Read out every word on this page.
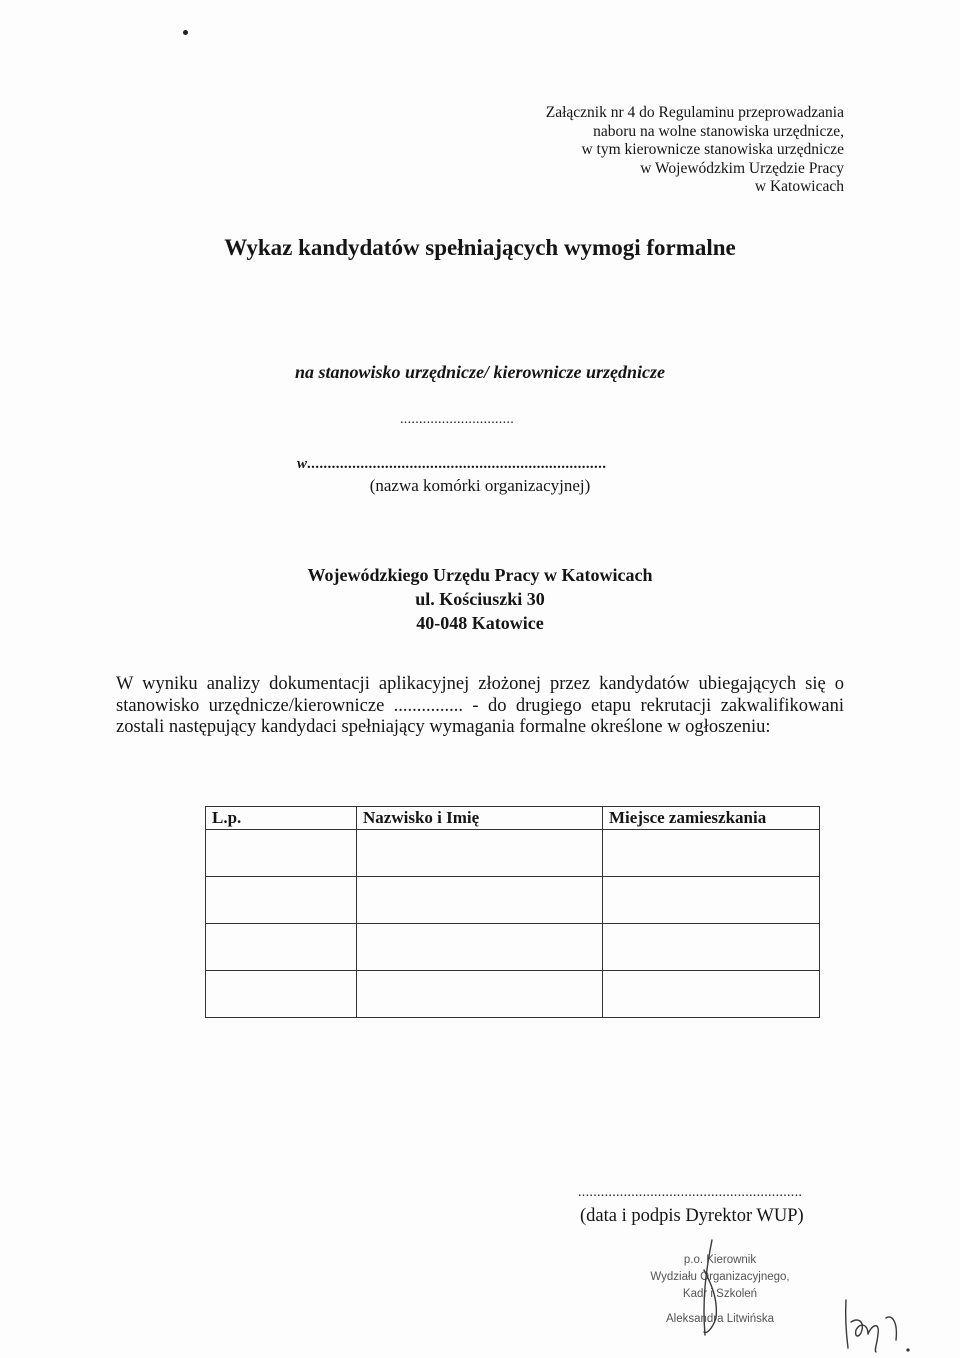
Załącznik nr 4 do Regulaminu przeprowadzania
naboru na wolne stanowiska urzędnicze,
w tym kierownicze stanowiska urzędnicze
w Wojewódzkim Urzędzie Pracy
w Katowicach
Wykaz kandydatów spełniających wymogi formalne
na stanowisko urzędnicze/ kierownicze urzędnicze
..............................
w.........................................................................
(nazwa komórki organizacyjnej)
Wojewódzkiego Urzędu Pracy w Katowicach
ul. Kościuszki 30
40-048 Katowice
W wyniku analizy dokumentacji aplikacyjnej złożonej przez kandydatów ubiegających się o stanowisko urzędnicze/kierownicze ............... - do drugiego etapu rekrutacji zakwalifikowani zostali następujący kandydaci spełniający wymagania formalne określone w ogłoszeniu:
L.p.	Nazwisko i Imię	Miejsce zamieszkania

...........................................................
(data i podpis Dyrektor WUP)
p.o. Kierownik
Wydziału Organizacyjnego,
Kadr i Szkoleń
Aleksandra Litwińska
